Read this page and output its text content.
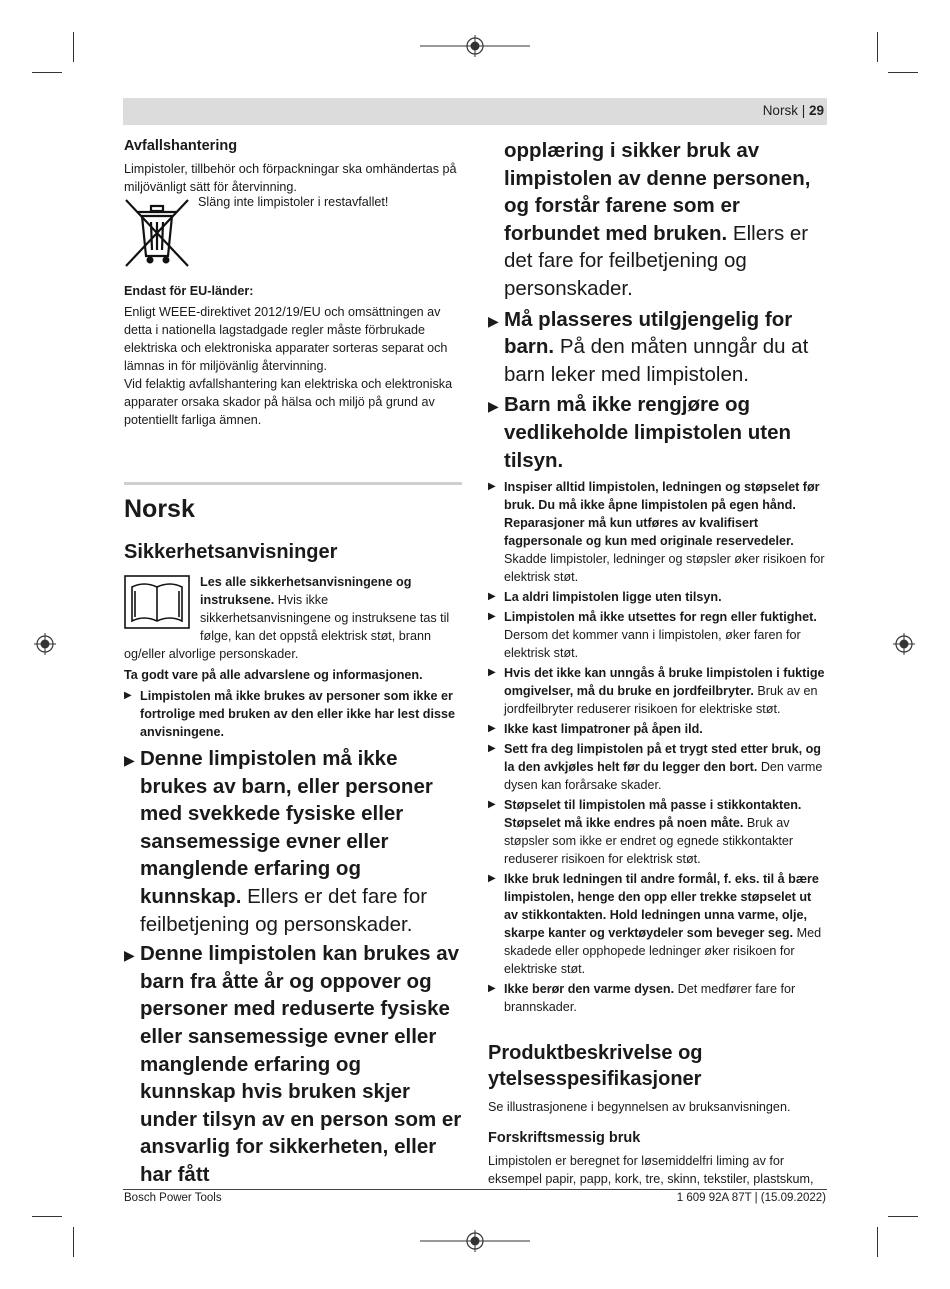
Norsk | 29
Avfallshantering

Limpistoler, tillbehör och förpackningar ska omhändertas på miljövänligt sätt för återvinning.

Släng inte limpistoler i restavfallet!

Endast för EU-länder:

Enligt WEEE-direktivet 2012/19/EU och omsättningen av detta i nationella lagstadgade regler måste förbrukade elektriska och elektroniska apparater sorteras separat och lämnas in för miljövänlig återvinning.

Vid felaktig avfallshantering kan elektriska och elektroniska apparater orsaka skador på hälsa och miljö på grund av potentiellt farliga ämnen.

Norsk
Sikkerhetsanvisninger

Les alle sikkerhetsanvisningene og instruksene. Hvis ikke sikkerhetsanvisningene og instruksene tas til følge, kan det oppstå elektrisk støt, brann og/eller alvorlige personskader.

Ta godt vare på alle advarslene og informasjonen.

▶ Limpistolen må ikke brukes av personer som ikke er fortrolige med bruken av den eller ikke har lest disse anvisningene.

▶ Denne limpistolen må ikke brukes av barn, eller personer med svekkede fysiske eller sansemessige evner eller manglende erfaring og kunnskap. Ellers er det fare for feilbetjening og personskader.

▶ Denne limpistolen kan brukes av barn fra åtte år og oppover og personer med reduserte fysiske eller sansemessige evner eller manglende erfaring og kunnskap hvis bruken skjer under tilsyn av en person som er ansvarlig for sikkerheten, eller har fått

opplæring i sikker bruk av limpistolen av denne personen, og forstår farene som er forbundet med bruken. Ellers er det fare for feilbetjening og personskader.

▶ Må plasseres utilgjengelig for barn. På den måten unngår du at barn leker med limpistolen.

▶ Barn må ikke rengjøre og vedlikeholde limpistolen uten tilsyn.

▶ Inspiser alltid limpistolen, ledningen og støpselet før bruk. Du må ikke åpne limpistolen på egen hånd. Reparasjoner må kun utføres av kvalifisert fagpersonale og kun med originale reservedeler. Skadde limpistoler, ledninger og støpsler øker risikoen for elektrisk støt.

▶ La aldri limpistolen ligge uten tilsyn.

▶ Limpistolen må ikke utsettes for regn eller fuktighet. Dersom det kommer vann i limpistolen, øker faren for elektrisk støt.

▶ Hvis det ikke kan unngås å bruke limpistolen i fuktige omgivelser, må du bruke en jordfeilbryter. Bruk av en jordfeilbryter reduserer risikoen for elektriske støt.

▶ Ikke kast limpatroner på åpen ild.

▶ Sett fra deg limpistolen på et trygt sted etter bruk, og la den avkjøles helt før du legger den bort. Den varme dysen kan forårsake skader.

▶ Støpselet til limpistolen må passe i stikkontakten. Støpselet må ikke endres på noen måte. Bruk av støpsler som ikke er endret og egnede stikkontakter reduserer risikoen for elektrisk støt.

▶ Ikke bruk ledningen til andre formål, f. eks. til å bære limpistolen, henge den opp eller trekke støpselet ut av stikkontakten. Hold ledningen unna varme, olje, skarpe kanter og verktøydeler som beveger seg. Med skadede eller opphopede ledninger øker risikoen for elektriske støt.

▶ Ikke berør den varme dysen. Det medfører fare for brannskader.

Produktbeskrivelse og ytelsesspesifikasjoner

Se illustrasjonene i begynnelsen av bruksanvisningen.

Forskriftsmessig bruk

Limpistolen er beregnet for løsemiddelfri liming av for eksempel papir, papp, kork, tre, skinn, tekstiler, plastskum,

Bosch Power Tools	1 609 92A 87T | (15.09.2022)
